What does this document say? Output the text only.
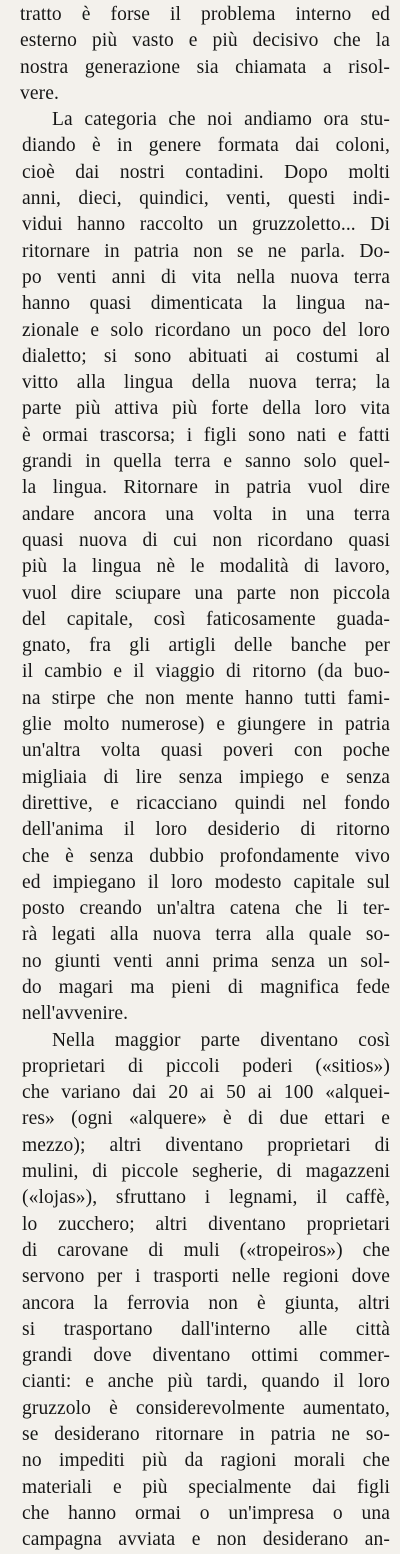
tratto è forse il problema interno ed
esterno più vasto e più decisivo che la
nostra generazione sia chiamata a risol-
vere.
La categoria che noi andiamo ora stu-
diando è in genere formata dai coloni,
cioè dai nostri contadini. Dopo molti
anni, dieci, quindici, venti, questi indi-
vidui hanno raccolto un gruzzoletto... Di
ritornare in patria non se ne parla. Do-
po venti anni di vita nella nuova terra
hanno quasi dimenticata la lingua na-
zionale e solo ricordano un poco del loro
dialetto; si sono abituati ai costumi al
vitto alla lingua della nuova terra; la
parte più attiva più forte della loro vita
è ormai trascorsa; i figli sono nati e fatti
grandi in quella terra e sanno solo quel-
la lingua. Ritornare in patria vuol dire
andare ancora una volta in una terra
quasi nuova di cui non ricordano quasi
più la lingua nè le modalità di lavoro,
vuol dire sciupare una parte non piccola
del capitale, così faticosamente guada-
gnato, fra gli artigli delle banche per
il cambio e il viaggio di ritorno (da buo-
na stirpe che non mente hanno tutti fami-
glie molto numerose) e giungere in patria
un'altra volta quasi poveri con poche
migliaia di lire senza impiego e senza
direttive, e ricacciano quindi nel fondo
dell'anima il loro desiderio di ritorno
che è senza dubbio profondamente vivo
ed impiegano il loro modesto capitale sul
posto creando un'altra catena che li ter-
rà legati alla nuova terra alla quale so-
no giunti venti anni prima senza un sol-
do magari ma pieni di magnifica fede
nell'avvenire.
Nella maggior parte diventano così
proprietari di piccoli poderi («sitios»)
che variano dai 20 ai 50 ai 100 «alquei-
res» (ogni «alquere» è di due ettari e
mezzo); altri diventano proprietari di
mulini, di piccole segherie, di magazzeni
(«lojas»), sfruttano i legnami, il caffè,
lo zucchero; altri diventano proprietari
di carovane di muli («tropeiros») che
servono per i trasporti nelle regioni dove
ancora la ferrovia non è giunta, altri
si trasportano dall'interno alle città
grandi dove diventano ottimi commer-
cianti: e anche più tardi, quando il loro
gruzzolo è considerevolmente aumentato,
se desiderano ritornare in patria ne so-
no impediti più da ragioni morali che
materiali e più specialmente dai figli
che hanno ormai o un'impresa o una
campagna avviata e non desiderano an-
